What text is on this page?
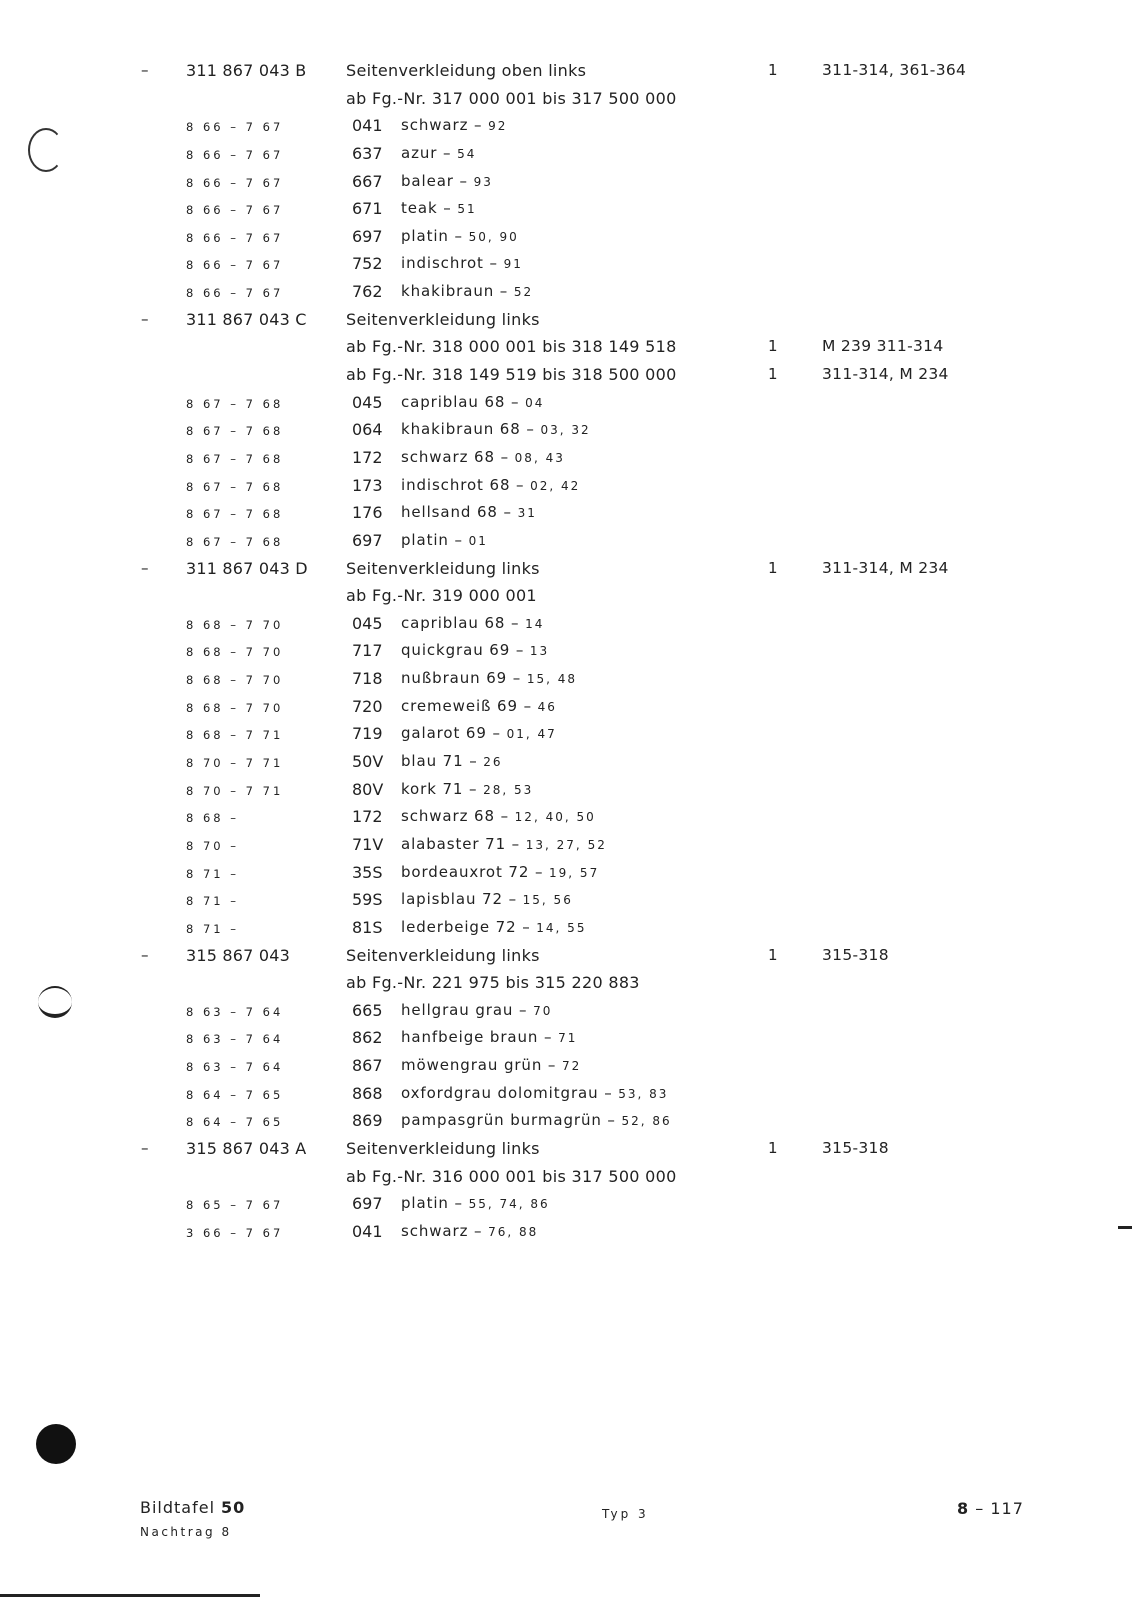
– 311 867 043 B Seitenverkleidung oben links	1	311-314, 361-364
ab Fg.-Nr. 317 000 001 bis 317 500 000
8 66 – 7 67	041 schwarz – 92
8 66 – 7 67	637 azur – 54
8 66 – 7 67	667 balear – 93
8 66 – 7 67	671 teak – 51
8 66 – 7 67	697 platin – 50, 90
8 66 – 7 67	752 indischrot – 91
8 66 – 7 67	762 khakibraun – 52
– 311 867 043 C Seitenverkleidung links
ab Fg.-Nr. 318 000 001 bis 318 149 518	1	M 239 311-314
ab Fg.-Nr. 318 149 519 bis 318 500 000	1	311-314, M 234
8 67 – 7 68	045 capriblau 68 – 04
8 67 – 7 68	064 khakibraun 68 – 03, 32
8 67 – 7 68	172 schwarz 68 – 08, 43
8 67 – 7 68	173 indischrot 68 – 02, 42
8 67 – 7 68	176 hellsand 68 – 31
8 67 – 7 68	697 platin – 01
– 311 867 043 D Seitenverkleidung links	1	311-314, M 234
ab Fg.-Nr. 319 000 001
8 68 – 7 70	045 capriblau 68 – 14
8 68 – 7 70	717 quickgrau 69 – 13
8 68 – 7 70	718 nußbraun 69 – 15, 48
8 68 – 7 70	720 cremeweiß 69 – 46
8 68 – 7 71	719 galarot 69 – 01, 47
8 70 – 7 71	50V blau 71 – 26
8 70 – 7 71	80V kork 71 – 28, 53
8 68 –	172 schwarz 68 – 12, 40, 50
8 70 –	71V alabaster 71 – 13, 27, 52
8 71 –	35S bordeauxrot 72 – 19, 57
8 71 –	59S lapisblau 72 – 15, 56
8 71 –	81S lederbeige 72 – 14, 55
– 315 867 043	Seitenverkleidung links	1	315-318
ab Fg.-Nr. 221 975 bis 315 220 883
8 63 – 7 64	665 hellgrau grau – 70
8 63 – 7 64	862 hanfbeige braun – 71
8 63 – 7 64	867 möwengrau grün – 72
8 64 – 7 65	868 oxfordgrau dolomitgrau – 53, 83
8 64 – 7 65	869 pampasgrün burmagrün – 52, 86
– 315 867 043 A Seitenverkleidung links	1	315-318
ab Fg.-Nr. 316 000 001 bis 317 500 000
8 65 – 7 67	697 platin – 55, 74, 86
3 66 – 7 67	041 schwarz – 76, 88
Bildtafel 50
Nachtrag 8
Typ 3	8 – 117
